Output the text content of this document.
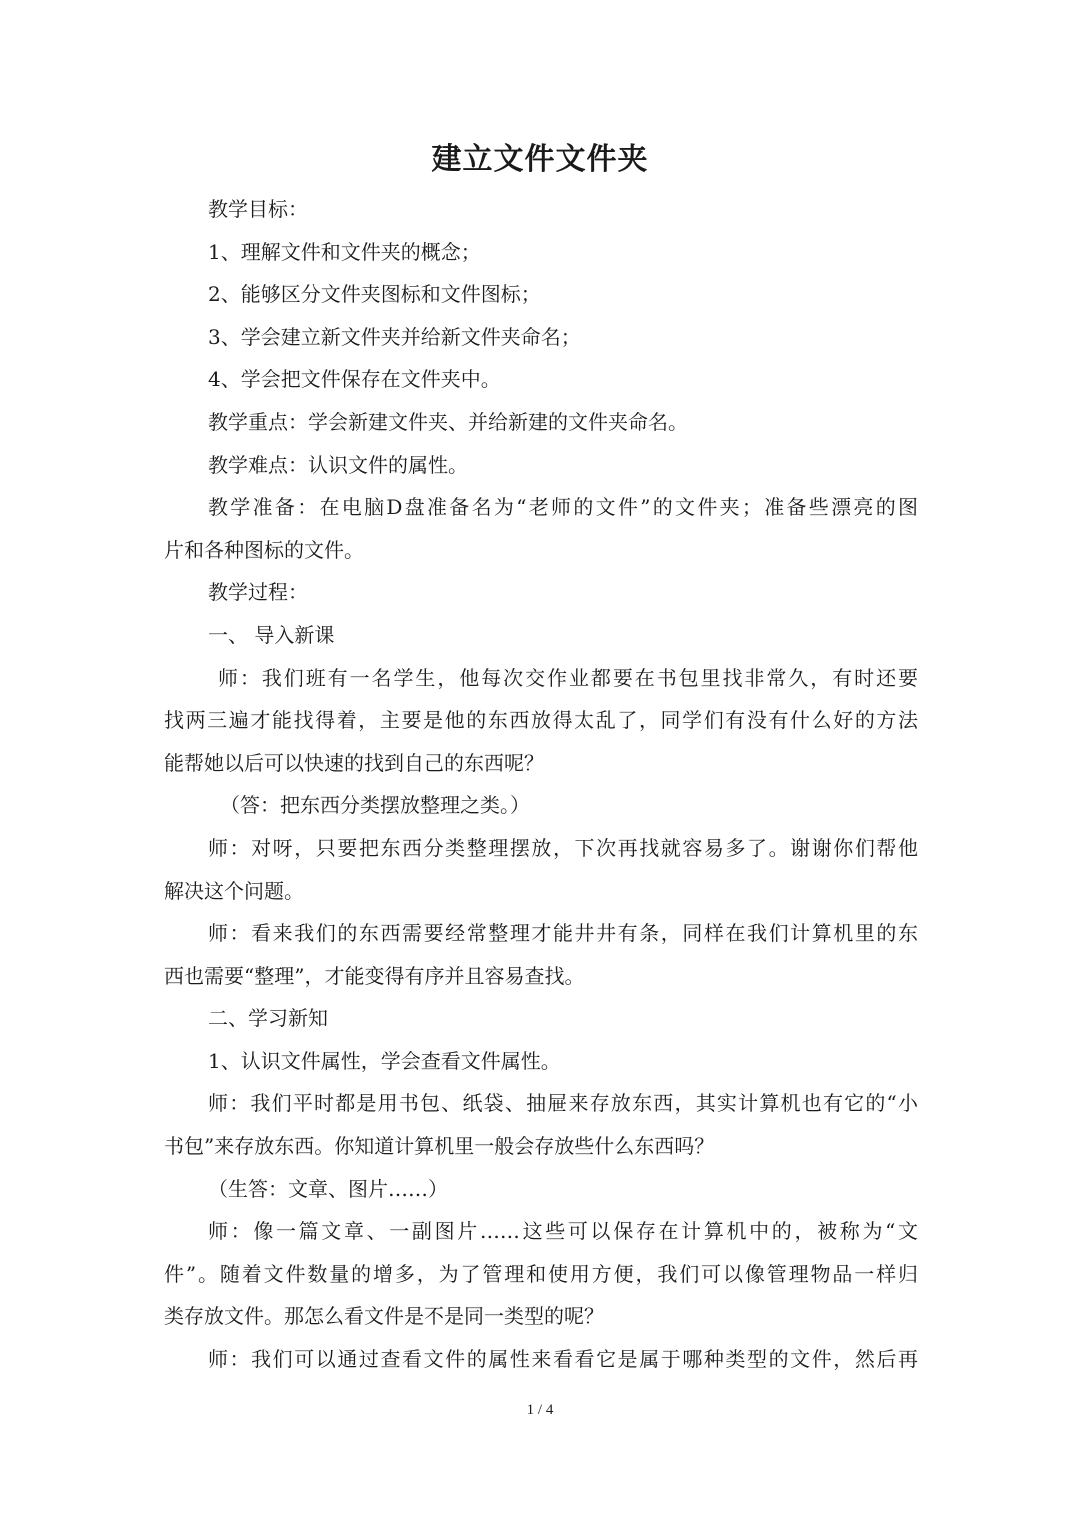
建立文件文件夹
教学目标：
1、理解文件和文件夹的概念；
2、能够区分文件夹图标和文件图标；
3、学会建立新文件夹并给新文件夹命名；
4、学会把文件保存在文件夹中。
教学重点：学会新建文件夹、并给新建的文件夹命名。
教学难点：认识文件的属性。
教学准备：在电脑D盘准备名为“老师的文件”的文件夹；准备些漂亮的图
片和各种图标的文件。
教学过程：
一、 导入新课
师：我们班有一名学生，他每次交作业都要在书包里找非常久，有时还要
找两三遍才能找得着，主要是他的东西放得太乱了，同学们有没有什么好的方法
能帮她以后可以快速的找到自己的东西呢？
（答：把东西分类摆放整理之类。）
师：对呀，只要把东西分类整理摆放，下次再找就容易多了。谢谢你们帮他
解决这个问题。
师：看来我们的东西需要经常整理才能井井有条，同样在我们计算机里的东
西也需要“整理”，才能变得有序并且容易查找。
二、学习新知
1、认识文件属性，学会查看文件属性。
师：我们平时都是用书包、纸袋、抽屉来存放东西，其实计算机也有它的“小
书包”来存放东西。你知道计算机里一般会存放些什么东西吗？
（生答：文章、图片……）
师：像一篇文章、一副图片……这些可以保存在计算机中的，被称为“文
件”。随着文件数量的增多，为了管理和使用方便，我们可以像管理物品一样归
类存放文件。那怎么看文件是不是同一类型的呢？
师：我们可以通过查看文件的属性来看看它是属于哪种类型的文件，然后再
1 / 4
